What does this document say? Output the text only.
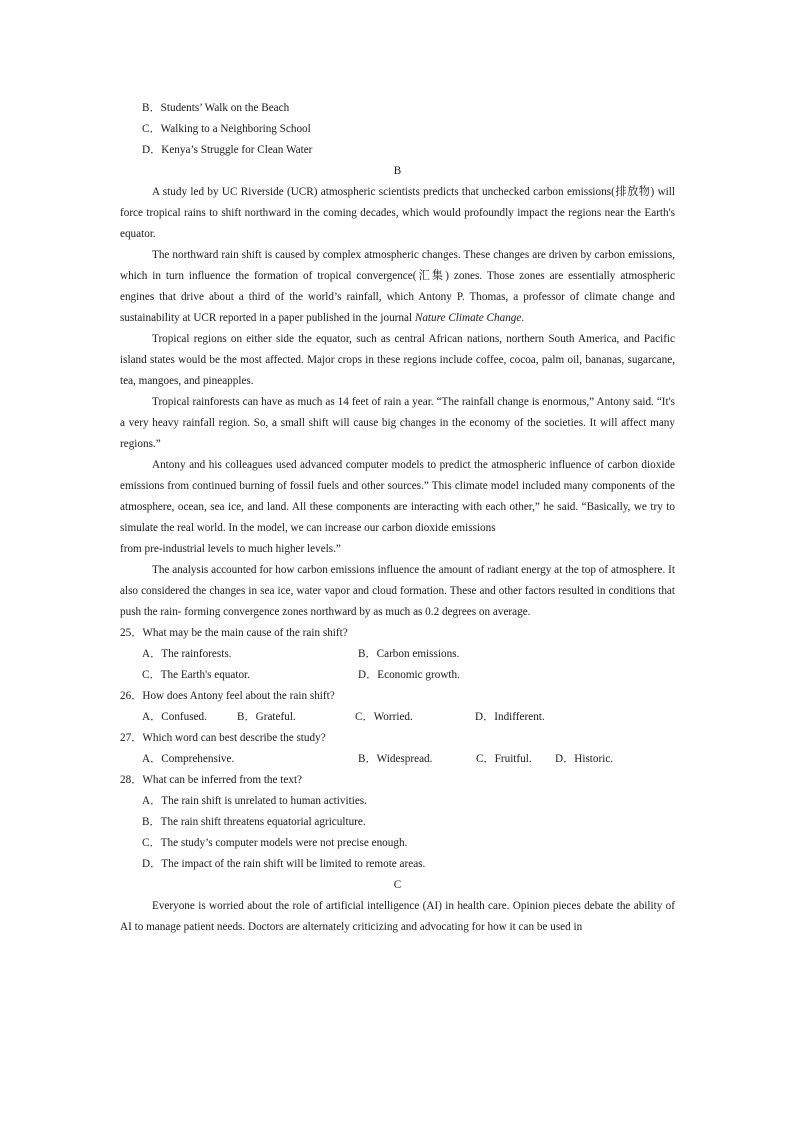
B．Students’ Walk on the Beach
C．Walking to a Neighboring School
D．Kenya’s Struggle for Clean Water
B

A study led by UC Riverside (UCR) atmospheric scientists predicts that unchecked carbon emissions(排放物) will force tropical rains to shift northward in the coming decades, which would profoundly impact the regions near the Earth's equator.

The northward rain shift is caused by complex atmospheric changes. These changes are driven by carbon emissions, which in turn influence the formation of tropical convergence(汇集) zones. Those zones are essentially atmospheric engines that drive about a third of the world’s rainfall, which Antony P. Thomas, a professor of climate change and sustainability at UCR reported in a paper published in the journal Nature Climate Change.

Tropical regions on either side the equator, such as central African nations, northern South America, and Pacific island states would be the most affected. Major crops in these regions include coffee, cocoa, palm oil, bananas, sugarcane, tea, mangoes, and pineapples.

Tropical rainforests can have as much as 14 feet of rain a year. “The rainfall change is enormous,” Antony said. “It's a very heavy rainfall region. So, a small shift will cause big changes in the economy of the societies. It will affect many regions.”

Antony and his colleagues used advanced computer models to predict the atmospheric influence of carbon dioxide emissions from continued burning of fossil fuels and other sources.” This climate model included many components of the atmosphere, ocean, sea ice, and land. All these components are interacting with each other,” he said. “Basically, we try to simulate the real world. In the model, we can increase our carbon dioxide emissions

from pre-industrial levels to much higher levels.”

The analysis accounted for how carbon emissions influence the amount of radiant energy at the top of atmosphere. It also considered the changes in sea ice, water vapor and cloud formation. These and other factors resulted in conditions that push the rain- forming convergence zones northward by as much as 0.2 degrees on average.

25．What may be the main cause of the rain shift?
A．The rainforests.	B．Carbon emissions.
C．The Earth's equator.	D．Economic growth.
26．How does Antony feel about the rain shift?
A．Confused.	B．Grateful.	C．Worried.	D．Indifferent.
27．Which word can best describe the study?
A．Comprehensive.	B．Widespread.	C．Fruitful.	D．Historic.
28．What can be inferred from the text?
A．The rain shift is unrelated to human activities.
B．The rain shift threatens equatorial agriculture.
C．The study’s computer models were not precise enough.
D．The impact of the rain shift will be limited to remote areas.
C

Everyone is worried about the role of artificial intelligence (AI) in health care. Opinion pieces debate the ability of AI to manage patient needs. Doctors are alternately criticizing and advocating for how it can be used in
